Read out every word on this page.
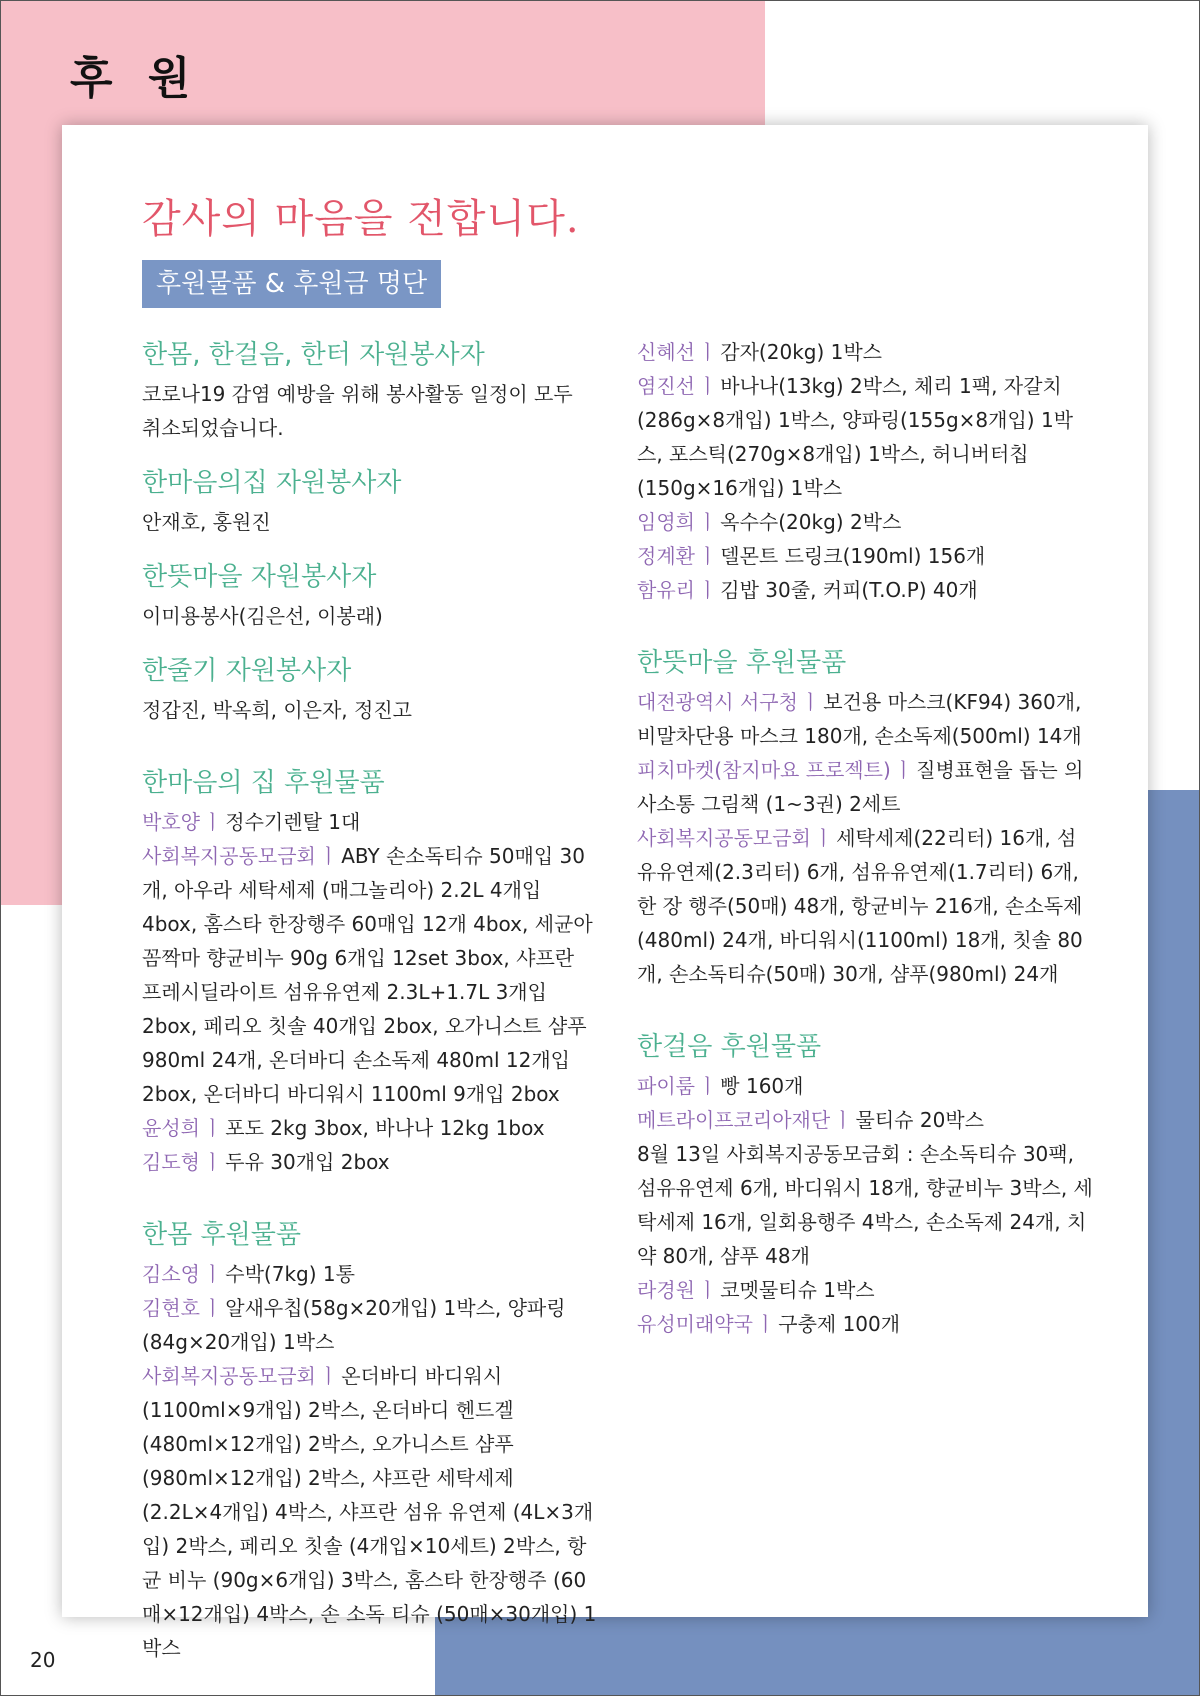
후 원
감사의 마음을 전합니다.
후원물품 & 후원금 명단
한몸, 한걸음, 한터 자원봉사자

코로나19 감염 예방을 위해 봉사활동 일정이 모두 취소되었습니다.

한마음의집 자원봉사자

안재호, 홍원진

한뜻마을 자원봉사자

이미용봉사(김은선, 이봉래)

한줄기 자원봉사자

정갑진, 박옥희, 이은자, 정진고

한마음의 집 후원물품

박호양 ㅣ 정수기렌탈 1대

사회복지공동모금회 ㅣ ABY 손소독티슈 50매입 30개, 아우라 세탁세제 (매그놀리아) 2.2L 4개입 4box, 홈스타 한장행주 60매입 12개 4box, 세균아꼼짝마 향균비누 90g 6개입 12set 3box, 샤프란 프레시딜라이트 섬유유연제 2.3L+1.7L 3개입 2box, 페리오 칫솔 40개입 2box, 오가니스트 샴푸 980ml 24개, 온더바디 손소독제 480ml 12개입 2box, 온더바디 바디워시 1100ml 9개입 2box

윤성희 ㅣ 포도 2kg 3box, 바나나 12kg 1box

김도형 ㅣ 두유 30개입 2box

한몸 후원물품

김소영 ㅣ 수박(7kg) 1통

김현호 ㅣ 알새우칩(58g×20개입) 1박스, 양파링(84g×20개입) 1박스

사회복지공동모금회 ㅣ 온더바디 바디워시(1100ml×9개입) 2박스, 온더바디 헨드겔 (480ml×12개입) 2박스, 오가니스트 샴푸 (980ml×12개입) 2박스, 샤프란 세탁세제 (2.2L×4개입) 4박스, 샤프란 섬유 유연제 (4L×3개입) 2박스, 페리오 칫솔 (4개입×10세트) 2박스, 항균 비누 (90g×6개입) 3박스, 홈스타 한장행주 (60매×12개입) 4박스, 손 소독 티슈 (50매×30개입) 1박스

신혜선 ㅣ 감자(20kg) 1박스

염진선 ㅣ 바나나(13kg) 2박스, 체리 1팩, 자갈치(286g×8개입) 1박스, 양파링(155g×8개입) 1박스, 포스틱(270g×8개입) 1박스, 허니버터칩(150g×16개입) 1박스

임영희 ㅣ 옥수수(20kg) 2박스

정계환 ㅣ 델몬트 드링크(190ml) 156개

함유리 ㅣ 김밥 30줄, 커피(T.O.P) 40개

한뜻마을 후원물품

대전광역시 서구청 ㅣ 보건용 마스크(KF94) 360개, 비말차단용 마스크 180개, 손소독제(500ml) 14개

피치마켓(참지마요 프로젝트) ㅣ 질병표현을 돕는 의사소통 그림책 (1~3권) 2세트

사회복지공동모금회 ㅣ 세탁세제(22리터) 16개, 섬유유연제(2.3리터) 6개, 섬유유연제(1.7리터) 6개, 한 장 행주(50매) 48개, 항균비누 216개, 손소독제(480ml) 24개, 바디워시(1100ml) 18개, 칫솔 80개, 손소독티슈(50매) 30개, 샴푸(980ml) 24개

한걸음 후원물품

파이룸 ㅣ 빵 160개

메트라이프코리아재단 ㅣ 물티슈 20박스

8월 13일 사회복지공동모금회 : 손소독티슈 30팩, 섬유유연제 6개, 바디워시 18개, 향균비누 3박스, 세탁세제 16개, 일회용행주 4박스, 손소독제 24개, 치약 80개, 샴푸 48개

라경원 ㅣ 코멧물티슈 1박스

유성미래약국 ㅣ 구충제 100개

20
